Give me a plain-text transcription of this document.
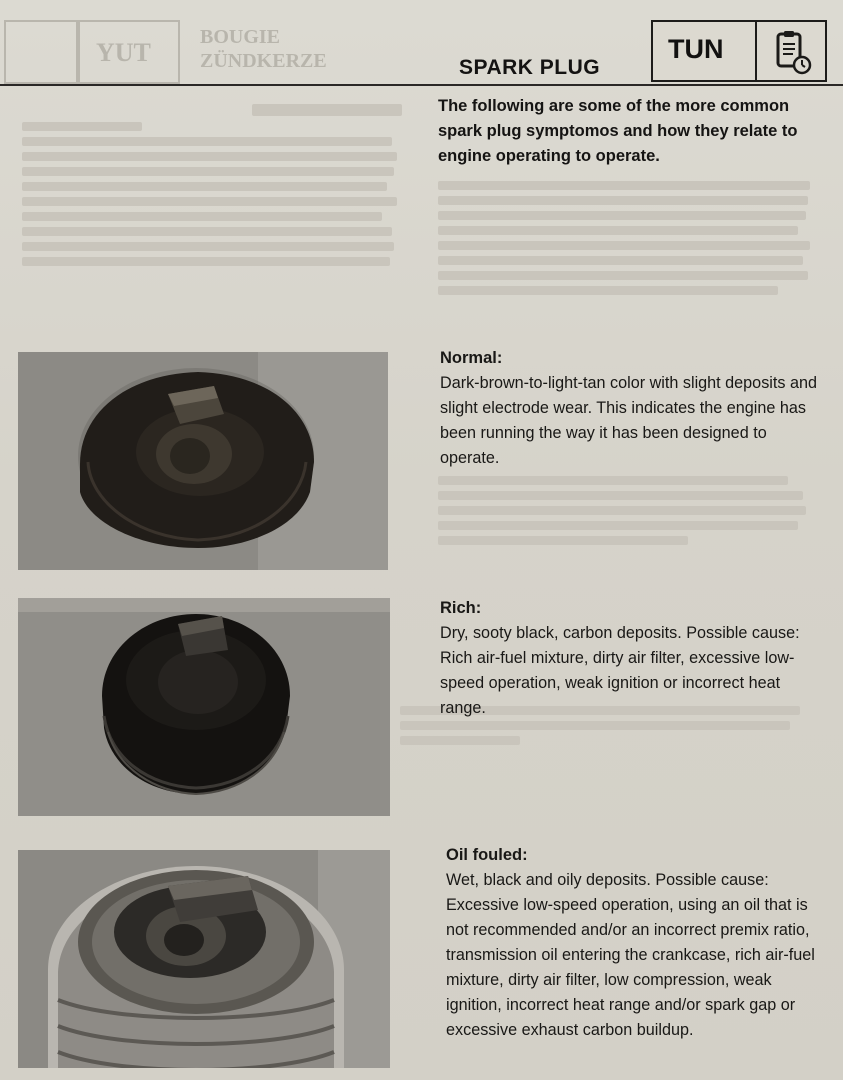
YUT
BOUGIE
ZÜNDKERZE	SPARK PLUG
TUN
The following are some of the more common spark plug symptomos and how they relate to engine operating to operate.
Normal:

Dark-brown-to-light-tan color with slight deposits and slight electrode wear. This indicates the engine has been running the way it has been designed to operate.

Rich:

Dry, sooty black, carbon deposits. Possible cause: Rich air-fuel mixture, dirty air filter, excessive low-speed operation, weak ignition or incorrect heat range.

Oil fouled:

Wet, black and oily deposits. Possible cause: Excessive low-speed operation, using an oil that is not recommended and/or an incorrect premix ratio, transmission oil entering the crankcase, rich air-fuel mixture, dirty air filter, low compression, weak ignition, incorrect heat range and/or spark gap or excessive exhaust carbon buildup.
